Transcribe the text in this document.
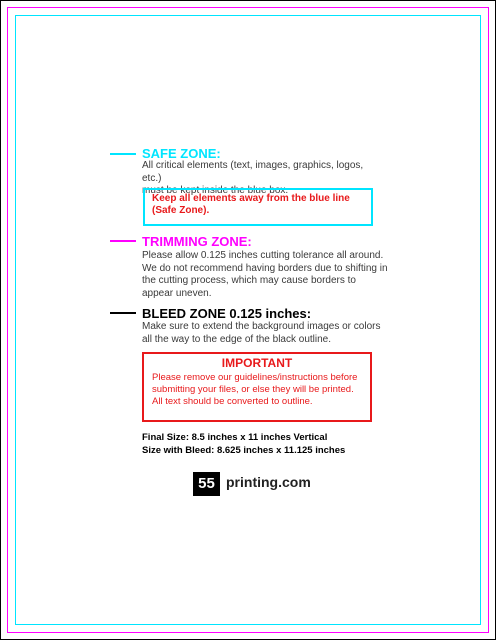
SAFE ZONE:
All critical elements (text, images, graphics, logos, etc.)
must be kept inside the blue box.
Keep all elements away from the blue line
(Safe Zone).
TRIMMING ZONE:
Please allow 0.125 inches cutting tolerance all around.
We do not recommend having borders due to shifting in
the cutting process, which may cause borders to
appear uneven.
BLEED ZONE 0.125 inches:
Make sure to extend the background images or colors
all the way to the edge of the black outline.
IMPORTANT
Please remove our guidelines/instructions before
submitting your files, or else they will be printed.
All text should be converted to outline.
Final Size: 8.5 inches x 11 inches Vertical
Size with Bleed: 8.625 inches x 11.125 inches
55 printing.com
